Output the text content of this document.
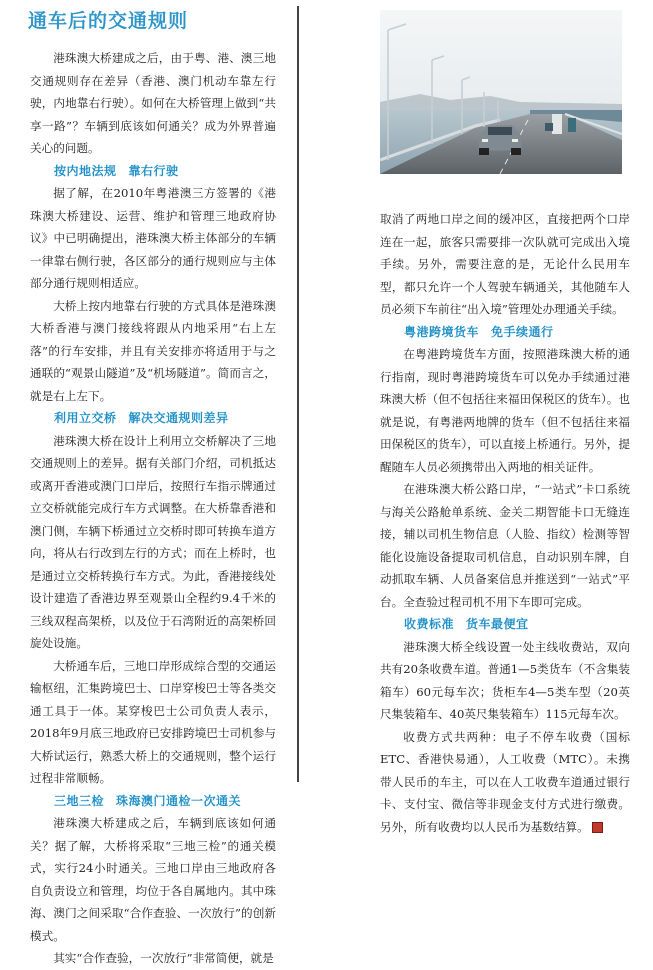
通车后的交通规则

港珠澳大桥建成之后，由于粤、港、澳三地交通规则存在差异（香港、澳门机动车靠左行驶，内地靠右行驶）。如何在大桥管理上做到“共享一路”？车辆到底该如何通关？成为外界普遍关心的问题。

按内地法规 靠右行驶

据了解，在2010年粤港澳三方签署的《港珠澳大桥建设、运营、维护和管理三地政府协议》中已明确提出，港珠澳大桥主体部分的车辆一律靠右侧行驶，各区部分的通行规则应与主体部分通行规则相适应。

大桥上按内地靠右行驶的方式具体是港珠澳大桥香港与澳门接线将跟从内地采用“右上左落”的行车安排，并且有关安排亦将适用于与之通联的“观景山隧道”及“机场隧道”。简而言之，就是右上左下。

利用立交桥 解决交通规则差异

港珠澳大桥在设计上利用立交桥解决了三地交通规则上的差异。据有关部门介绍，司机抵达或离开香港或澳门口岸后，按照行车指示牌通过立交桥就能完成行车方式调整。在大桥靠香港和澳门侧，车辆下桥通过立交桥时即可转换车道方向，将从右行改到左行的方式；而在上桥时，也是通过立交桥转换行车方式。为此，香港接线处设计建造了香港边界至观景山全程约9.4千米的三线双程高架桥，以及位于石湾附近的高架桥回旋处设施。

大桥通车后，三地口岸形成综合型的交通运输枢纽，汇集跨境巴士、口岸穿梭巴士等各类交通工具于一体。某穿梭巴士公司负责人表示，2018年9月底三地政府已安排跨境巴士司机参与大桥试运行，熟悉大桥上的交通规则，整个运行过程非常顺畅。

三地三检 珠海澳门通检一次通关

港珠澳大桥建成之后，车辆到底该如何通关？据了解，大桥将采取“三地三检”的通关模式，实行24小时通关。三地口岸由三地政府各自负责设立和管理，均位于各自属地内。其中珠海、澳门之间采取“合作查验、一次放行”的创新模式。

其实“合作查验，一次放行”非常简便，就是

取消了两地口岸之间的缓冲区，直接把两个口岸连在一起，旅客只需要排一次队就可完成出入境手续。另外，需要注意的是，无论什么民用车型，都只允许一个人驾驶车辆通关，其他随车人员必须下车前往“出入境”管理处办理通关手续。

粤港跨境货车 免手续通行

在粤港跨境货车方面，按照港珠澳大桥的通行指南，现时粤港跨境货车可以免办手续通过港珠澳大桥（但不包括往来福田保税区的货车）。也就是说，有粤港两地牌的货车（但不包括往来福田保税区的货车），可以直接上桥通行。另外，提醒随车人员必须携带出入两地的相关证件。

在港珠澳大桥公路口岸，“一站式”卡口系统与海关公路舱单系统、金关二期智能卡口无缝连接，辅以司机生物信息（人脸、指纹）检测等智能化设施设备提取司机信息，自动识别车牌，自动抓取车辆、人员备案信息并推送到“一站式”平台。全查验过程司机不用下车即可完成。

收费标准 货车最便宜

港珠澳大桥全线设置一处主线收费站，双向共有20条收费车道。普通1—5类货车（不含集装箱车）60元每车次；货柜车4—5类车型（20英尺集装箱车、40英尺集装箱车）115元每车次。

收费方式共两种：电子不停车收费（国标ETC、香港快易通），人工收费（MTC）。未携带人民币的车主，可以在人工收费车道通过银行卡、支付宝、微信等非现金支付方式进行缴费。另外，所有收费均以人民币为基数结算。
